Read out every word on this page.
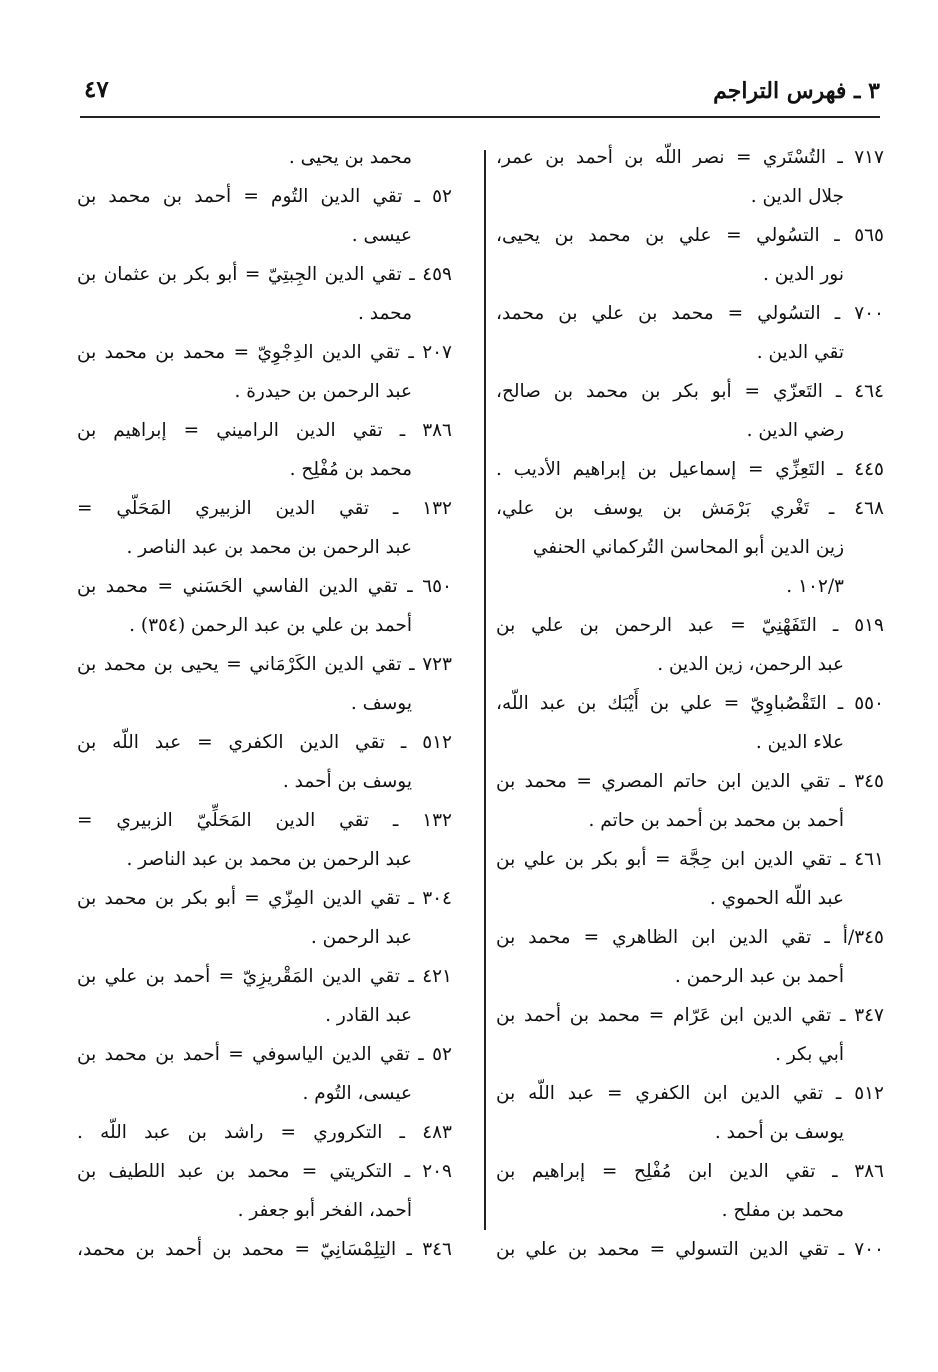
٤٧	٣ ـ فهرس التراجم
٧١٧ ـ التُسْتَري = نصر اللّه بن أحمد بن عمر،
جلال الدين .
٥٦٥ ـ التسُولي = علي بن محمد بن يحيى،
نور الدين .
٧٠٠ ـ التسُولي = محمد بن علي بن محمد،
تقي الدين .
٤٦٤ ـ التَعزّي = أبو بكر بن محمد بن صالح،
رضي الدين .
٤٤٥ ـ التَعِزِّي = إسماعيل بن إبراهيم الأديب .
٤٦٨ ـ تَغْري بَرْمَش بن يوسف بن علي،
زين الدين أبو المحاسن التُركماني الحنفي
١٠٢/٣ .
٥١٩ ـ التَفَهْنِيّ = عبد الرحمن بن علي بن
عبد الرحمن، زين الدين .
٥٥٠ ـ التَقْصُباوِيّ = علي بن أَيْبَك بن عبد اللّه،
علاء الدين .
٣٤٥ ـ تقي الدين ابن حاتم المصري = محمد بن
أحمد بن محمد بن أحمد بن حاتم .
٤٦١ ـ تقي الدين ابن حِجَّة = أبو بكر بن علي بن
عبد اللّه الحموي .
٣٤٥/أ ـ تقي الدين ابن الظاهري = محمد بن
أحمد بن عبد الرحمن .
٣٤٧ ـ تقي الدين ابن عَرّام = محمد بن أحمد بن
أبي بكر .
٥١٢ ـ تقي الدين ابن الكفري = عبد اللّه بن
يوسف بن أحمد .
٣٨٦ ـ تقي الدين ابن مُفْلِح = إبراهيم بن
محمد بن مفلح .
٧٠٠ ـ تقي الدين التسولي = محمد بن علي بن
محمد بن يحيى .
٥٢ ـ تقي الدين التُوم = أحمد بن محمد بن
عيسى .
٤٥٩ ـ تقي الدين الجِبتِيّ = أبو بكر بن عثمان بن
محمد .
٢٠٧ ـ تقي الدين الدِجْوِيّ = محمد بن محمد بن
عبد الرحمن بن حيدرة .
٣٨٦ ـ تقي الدين الراميني = إبراهيم بن
محمد بن مُفْلِح .
١٣٢ ـ تقي الدين الزبيري المَحَلّي =
عبد الرحمن بن محمد بن عبد الناصر .
٦٥٠ ـ تقي الدين الفاسي الحَسَني = محمد بن
أحمد بن علي بن عبد الرحمن (٣٥٤) .
٧٢٣ ـ تقي الدين الكَرْمَاني = يحيى بن محمد بن
يوسف .
٥١٢ ـ تقي الدين الكفري = عبد اللّه بن
يوسف بن أحمد .
١٣٢ ـ تقي الدين المَحَلِّيّ الزبيري =
عبد الرحمن بن محمد بن عبد الناصر .
٣٠٤ ـ تقي الدين المِزّي = أبو بكر بن محمد بن
عبد الرحمن .
٤٢١ ـ تقي الدين المَقْريزِيّ = أحمد بن علي بن
عبد القادر .
٥٢ ـ تقي الدين الياسوفي = أحمد بن محمد بن
عيسى، التُوم .
٤٨٣ ـ التكروري = راشد بن عبد اللّه .
٢٠٩ ـ التكريتي = محمد بن عبد اللطيف بن
أحمد، الفخر أبو جعفر .
٣٤٦ ـ التِلِمْسَانِيّ = محمد بن أحمد بن محمد،
